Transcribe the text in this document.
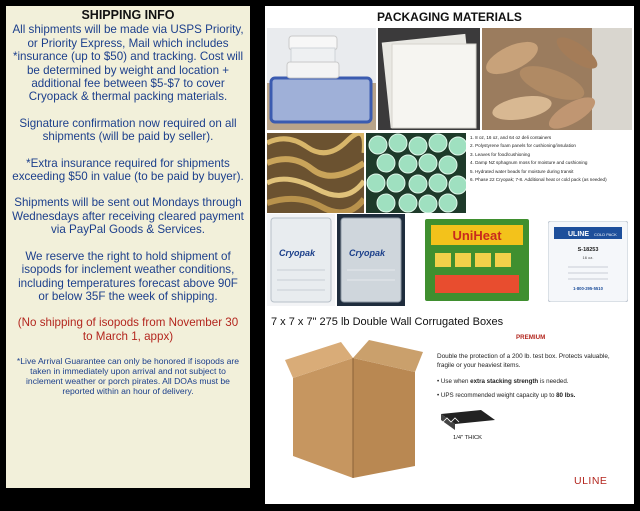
SHIPPING INFO

All shipments will be made via USPS Priority, or Priority Express, Mail which includes *insurance (up to $50) and tracking. Cost will be determined by weight and location + additional fee between $5-$7 to cover Cryopack & thermal packing materials.

Signature confirmation now required on all shipments (will be paid by seller).

*Extra insurance required for shipments exceeding $50 in value (to be paid by buyer).

Shipments will be sent out Mondays through Wednesdays after receiving cleared payment via PayPal Goods & Services.

We reserve the right to hold shipment of isopods for inclement weather conditions, including temperatures forecast above 90F or below 35F the week of shipping.

(No shipping of isopods from November 30 to March 1, appx)

*Live Arrival Guarantee can only be honored if isopods are taken in immediately upon arrival and not subject to inclement weather or porch pirates. All DOAs must be reported within an hour of delivery.

PACKAGING MATERIALS
1. 8 oz, 16 oz, and 64 oz deli containers
2. Polystyrene foam panels for cushioning/insulation
3. Leaves for food/cushioning
4. Damp NZ sphagnum moss for moisture and cushioning
5. Hydrated water beads for moisture during transit
6. Phase 22 Cryopak; 7-8. Additional heat or cold pack (as needed)
Cryopak	Cryopak
UniHeat	ULINE COLD PACK
S-18253
16 oz.
1-800-295-5510
7 x 7 x 7" 275 lb Double Wall Corrugated Boxes
PREMIUM
Double the protection of a 200 lb. test box. Protects valuable, fragile or your heaviest items.
• Use when extra stacking strength is needed.
• UPS recommended weight capacity up to 80 lbs.
1/4" THICK
ULINE
